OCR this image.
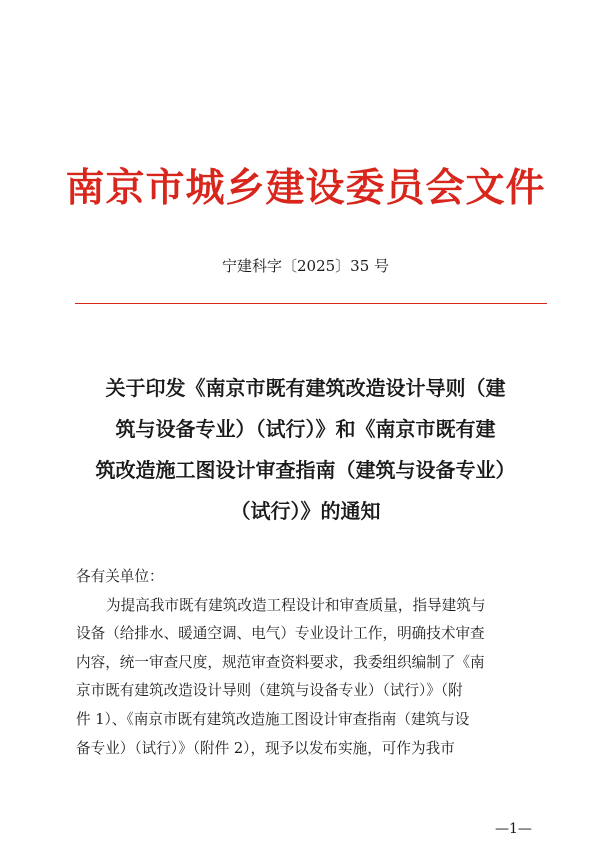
南京市城乡建设委员会文件
宁建科字〔2025〕35 号
关于印发《南京市既有建筑改造设计导则（建
筑与设备专业）（试行）》和《南京市既有建
筑改造施工图设计审查指南（建筑与设备专业）
（试行）》的通知
各有关单位：
为提高我市既有建筑改造工程设计和审查质量，指导建筑与
设备（给排水、暖通空调、电气）专业设计工作，明确技术审查
内容，统一审查尺度，规范审查资料要求，我委组织编制了《南
京市既有建筑改造设计导则（建筑与设备专业）（试行）》（附
件 1）、《南京市既有建筑改造施工图设计审查指南（建筑与设
备专业）（试行）》（附件 2），现予以发布实施，可作为我市
—1—
